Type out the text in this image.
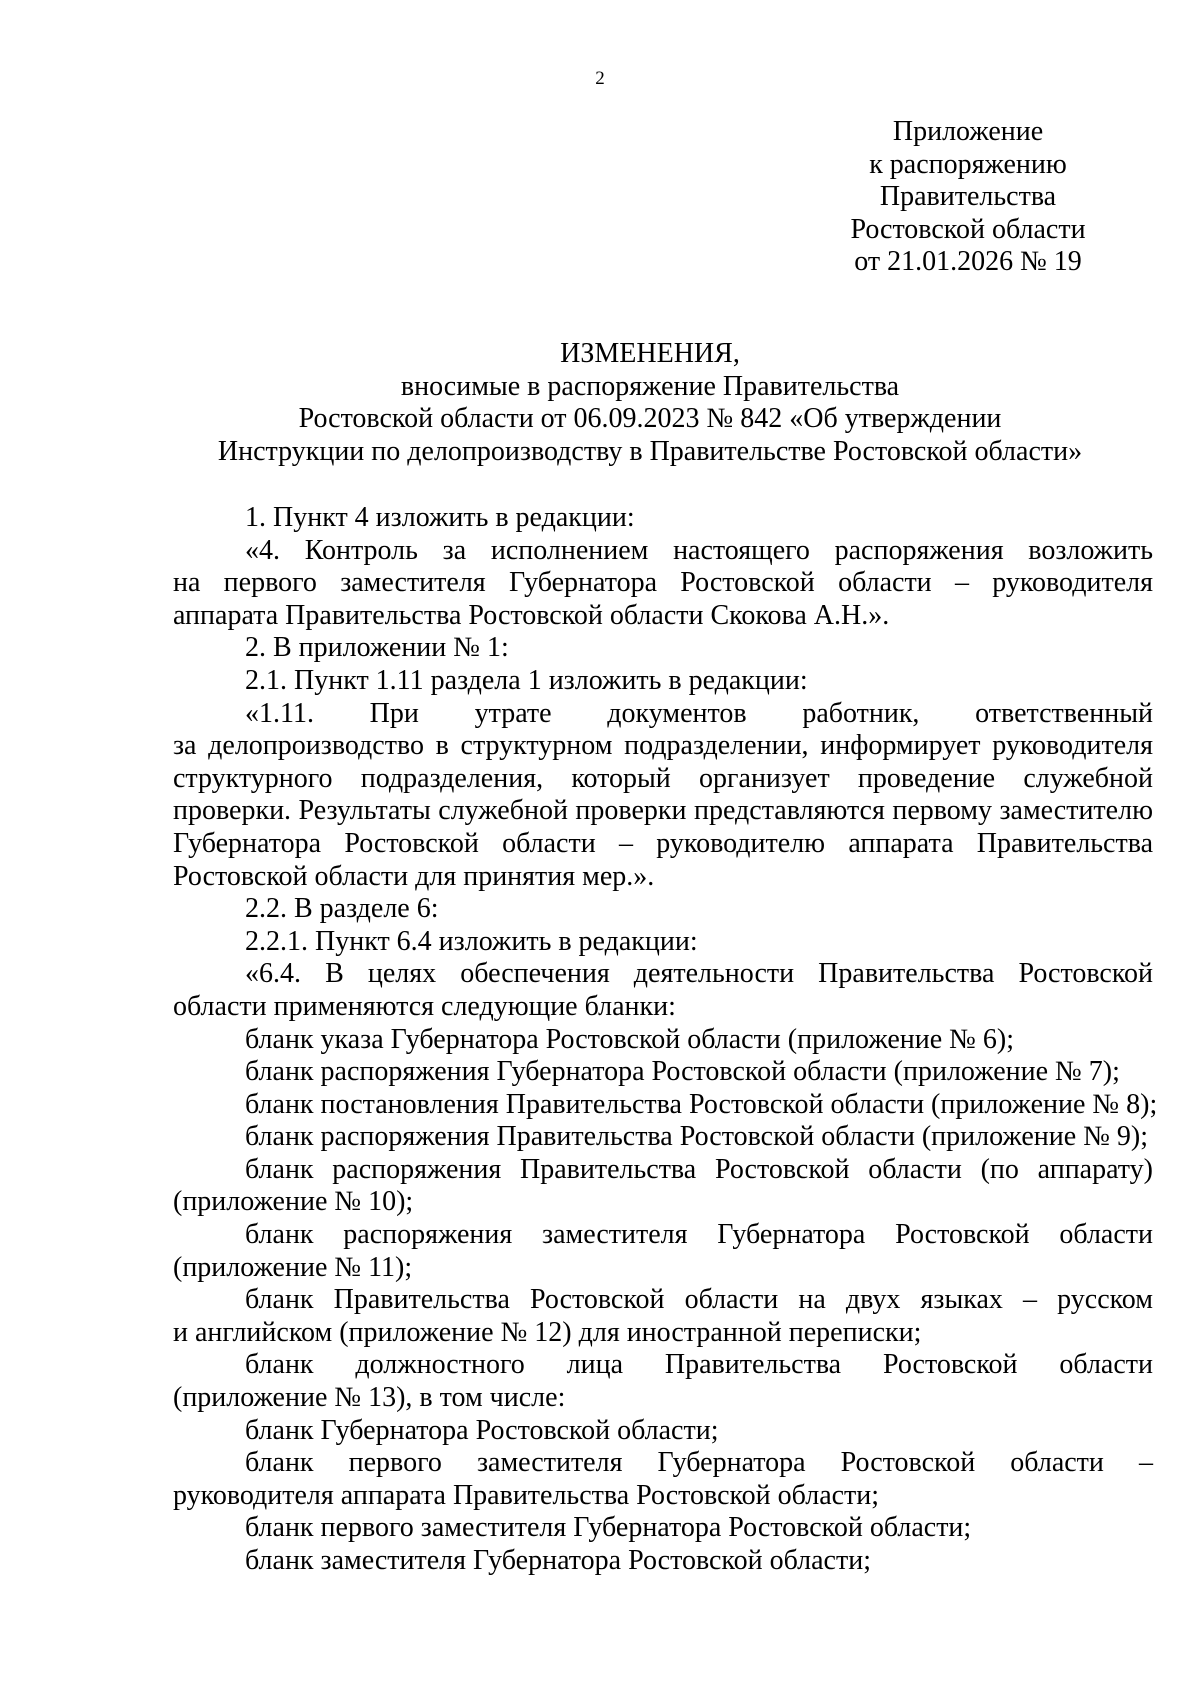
2
Приложение
к распоряжению
Правительства
Ростовской области
от 21.01.2026 № 19
ИЗМЕНЕНИЯ,
вносимые в распоряжение Правительства
Ростовской области от 06.09.2023 № 842 «Об утверждении
Инструкции по делопроизводству в Правительстве Ростовской области»

1. Пункт 4 изложить в редакции:

«4. Контроль за исполнением настоящего распоряжения возложить

на первого заместителя Губернатора Ростовской области – руководителя

аппарата Правительства Ростовской области Скокова А.Н.».

2. В приложении № 1:

2.1. Пункт 1.11 раздела 1 изложить в редакции:

«1.11. При утрате документов работник, ответственный

за делопроизводство в структурном подразделении, информирует руководителя

структурного подразделения, который организует проведение служебной

проверки. Результаты служебной проверки представляются первому заместителю

Губернатора Ростовской области – руководителю аппарата Правительства

Ростовской области для принятия мер.».

2.2. В разделе 6:

2.2.1. Пункт 6.4 изложить в редакции:

«6.4. В целях обеспечения деятельности Правительства Ростовской

области применяются следующие бланки:

бланк указа Губернатора Ростовской области (приложение № 6);

бланк распоряжения Губернатора Ростовской области (приложение № 7);

бланк постановления Правительства Ростовской области (приложение № 8);

бланк распоряжения Правительства Ростовской области (приложение № 9);

бланк распоряжения Правительства Ростовской области (по аппарату)

(приложение № 10);

бланк распоряжения заместителя Губернатора Ростовской области

(приложение № 11);

бланк Правительства Ростовской области на двух языках – русском

и английском (приложение № 12) для иностранной переписки;

бланк должностного лица Правительства Ростовской области

(приложение № 13), в том числе:

бланк Губернатора Ростовской области;

бланк первого заместителя Губернатора Ростовской области –

руководителя аппарата Правительства Ростовской области;

бланк первого заместителя Губернатора Ростовской области;

бланк заместителя Губернатора Ростовской области;
